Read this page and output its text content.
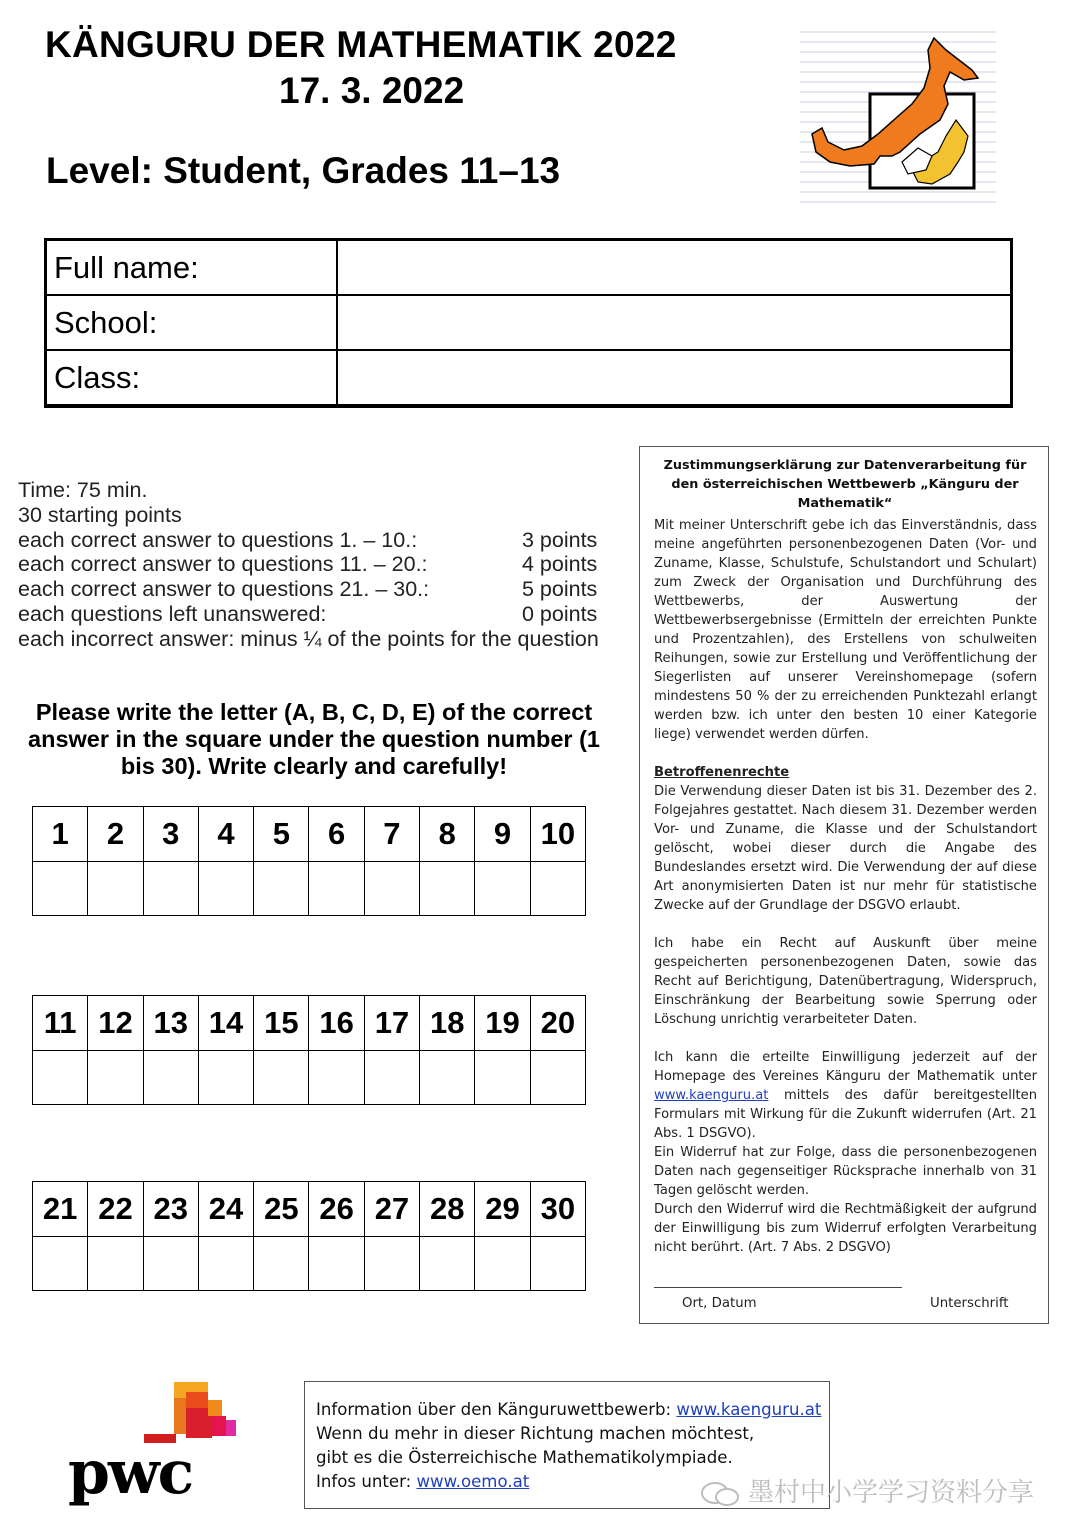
KÄNGURU DER MATHEMATIK 2022
17. 3. 2022
Level: Student, Grades 11–13
Full name:	
School:	
Class:	
Time: 75 min.
30 starting points
each correct answer to questions 1. – 10.:	3 points
each correct answer to questions 11. – 20.:	4 points
each correct answer to questions 21. – 30.:	5 points
each questions left unanswered:	0 points
each incorrect answer: minus ¼ of the points for the question
Please write the letter (A, B, C, D, E) of the correct answer in the square under the question number (1 bis 30). Write clearly and carefully!
1	2	3	4	5	6	7	8	9	10

11	12	13	14	15	16	17	18	19	20

21	22	23	24	25	26	27	28	29	30

Zustimmungserklärung zur Datenverarbeitung für den österreichischen Wettbewerb „Känguru der Mathematik“
Mit meiner Unterschrift gebe ich das Einverständnis, dass meine angeführten personenbezogenen Daten (Vor- und Zuname, Klasse, Schulstufe, Schulstandort und Schulart) zum Zweck der Organisation und Durchführung des Wettbewerbs, der Auswertung der Wettbewerbsergebnisse (Ermitteln der erreichten Punkte und Prozentzahlen), des Erstellens von schulweiten Reihungen, sowie zur Erstellung und Veröffentlichung der Siegerlisten auf unserer Vereinshomepage (sofern mindestens 50 % der zu erreichenden Punktezahl erlangt werden bzw. ich unter den besten 10 einer Kategorie liege) verwendet werden dürfen.
Betroffenenrechte
Die Verwendung dieser Daten ist bis 31. Dezember des 2. Folgejahres gestattet. Nach diesem 31. Dezember werden Vor- und Zuname, die Klasse und der Schulstandort gelöscht, wobei dieser durch die Angabe des Bundeslandes ersetzt wird. Die Verwendung der auf diese Art anonymisierten Daten ist nur mehr für statistische Zwecke auf der Grundlage der DSGVO erlaubt.
Ich habe ein Recht auf Auskunft über meine gespeicherten personenbezogenen Daten, sowie das Recht auf Berichtigung, Datenübertragung, Widerspruch, Einschränkung der Bearbeitung sowie Sperrung oder Löschung unrichtig verarbeiteter Daten.
Ich kann die erteilte Einwilligung jederzeit auf der Homepage des Vereines Känguru der Mathematik unter www.kaenguru.at mittels des dafür bereitgestellten Formulars mit Wirkung für die Zukunft widerrufen (Art. 21 Abs. 1 DSGVO).
Ein Widerruf hat zur Folge, dass die personenbezogenen Daten nach gegenseitiger Rücksprache innerhalb von 31 Tagen gelöscht werden.
Durch den Widerruf wird die Rechtmäßigkeit der aufgrund der Einwilligung bis zum Widerruf erfolgten Verarbeitung nicht berührt. (Art. 7 Abs. 2 DSGVO)
Ort, Datum	Unterschrift
pwc
Information über den Känguruwettbewerb: www.kaenguru.at
Wenn du mehr in dieser Richtung machen möchtest,
gibt es die Österreichische Mathematikolympiade.
Infos unter: www.oemo.at	墨村中小学学习资料分享
